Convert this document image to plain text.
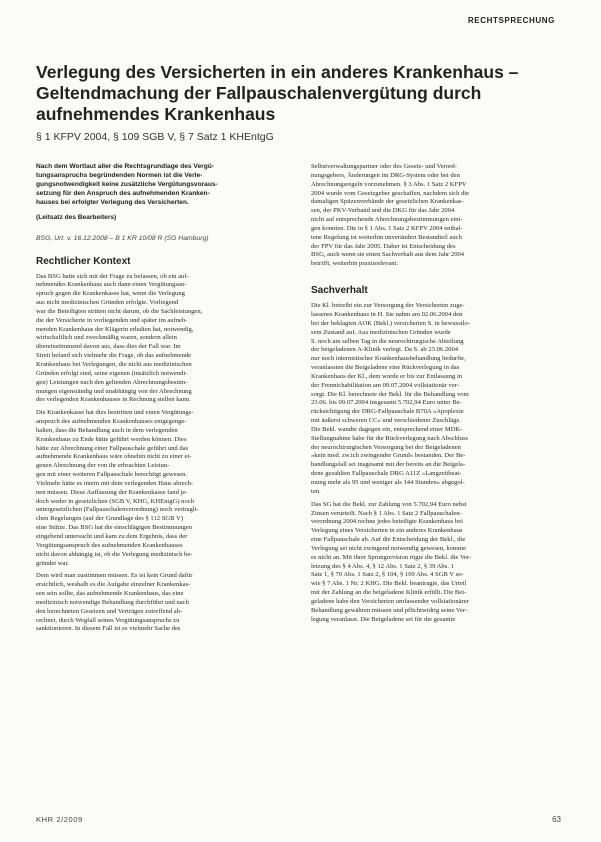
RECHTSPRECHUNG
Verlegung des Versicherten in ein anderes Krankenhaus –
Geltendmachung der Fallpauschalenvergütung durch
aufnehmendes Krankenhaus
§ 1 KFPV 2004, § 109 SGB V, § 7 Satz 1 KHEntgG
Nach dem Wortlaut aller die Rechtsgrundlage des Vergü-
tungsanspruchs begründenden Normen ist die Verle-
gungsnotwendigkeit keine zusätzliche Vergütungsvoraus-
setzung für den Anspruch des aufnehmenden Kranken-
hauses bei erfolgter Verlegung des Versicherten.
(Leitsatz des Bearbeiters)
BSG, Urt. v. 16.12.2008 – B 1 KR 10/08 R (SG Hamburg)
Rechtlicher Kontext
Das BSG hatte sich mit der Frage zu befassen, ob ein auf-
nehmendes Krankenhaus auch dann einen Vergütungsan-
spruch gegen die Krankenkasse hat, wenn die Verlegung
aus nicht medizinischen Gründen erfolgte. Vorliegend
war die Beteiligten stritten nicht darum, ob die Sachleistungen,
die der Versicherte in vorliegenden und später im aufneh-
menden Krankenhaus der Klägerin erhalten hat, notwendig,
wirtschaftlich und zweckmäßig waren, sondern allein
übereinstimmend davon aus, dass dies der Fall war. Im
Streit befand sich vielmehr die Frage, ob das aufnehmende
Krankenhaus bei Verlegungen, die nicht aus medizinischen
Gründen erfolgt sind, seine eigenen (insätzlich notwendi-
gen) Leistungen nach den geltenden Abrechnungsbestim-
mungen eigenständig und unabhängig von der Abrechnung
des verlegenden Krankenhauses in Rechnung stellen kann.
Die Krankenkasse hat dies bestritten und einen Vergütungs-
anspruch des aufnehmenden Krankenhauses entgegenge-
halten, dass die Behandlung auch in dem verlegenden
Krankenhaus zu Ende hätte geführt werden können. Dies
hätte zur Abrechnung einer Fallpauschale geführt und das
aufnehmende Krankenhaus wäre ohnehin nicht zu einer ei-
genen Abrechnung der von ihr erbrachten Leistun-
gen mit einer weiteren Fallpauschale berechtigt gewesen.
Vielmehr hätte es intern mit dem verlegenden Haus abrech-
nen müssen. Diese Auffassung der Krankenkasse fand je-
doch weder in gesetzlichen (SGB V, KHG, KHEntgG) noch
untergesetzlichen (Fallpauschalenverordnung) noch vertragli-
chen Regelungen (auf der Grundlage des § 112 SGB V)
eine Stütze. Das BSG hat die einschlägigen Bestimmungen
eingehend untersucht und kam zu dem Ergebnis, dass der
Vergütungsanspruch des aufnehmenden Krankenhauses
nicht davon abhängig ist, ob die Verlegung medizinisch be-
gründet war.
Dem wird man zustimmen müssen. Es ist kein Grund dafür
ersichtlich, weshalb es die Aufgabe einzelner Krankenkas-
sen sein sollte, das aufnehmende Krankenhaus, das eine
medizinisch notwendige Behandlung durchführt und nach
den berechneten Gesetzen und Verträgen zutreffend ab-
rechnet, durch Wegfall seines Vergütungsanspruchs zu
sanktionieren. In diesem Fall ist es vielmehr Sache des
Selbstverwaltungspartner oder des Gesetz- und Verord-
nungsgebers, Änderungen im DRG-System oder bei den
Abrechnungsregeln vorzunehmen. § 3 Abs. 1 Satz 2 KFPV
2004 wurde vom Gesetzgeber geschaffen, nachdem sich die
damaligen Spitzenverbände der gesetzlichen Krankenkas-
sen, der PKV-Verband und die DKG für das Jahr 2004
nicht auf entsprechende Abrechnungsbestimmungen eini-
gen konnten. Die in § 1 Abs. 1 Satz 2 KFPV 2004 enthal-
tene Regelung ist weiterhin unverändert Bestandteil auch
der FPV für das Jahr 2005. Daher ist Entscheidung des
BSG, auch wenn sie einen Sachverhalt aus dem Jahr 2004
betrifft, weiterhin praxisrelevant.
Sachverhalt
Die Kl. betreibt ein zur Versorgung der Versicherten zuge-
lassenes Krankenhaus in H. Sie nahm am 02.06.2004 den
bei der beklagten AOK (Bekl.) versicherten S. in bewusstlo-
sem Zustand auf. Aus medizinischen Gründen wurde
S. noch am selben Tag in die neurochirurgische Abteilung
der beigeladenen A-Klinik verlegt. Da S. ab 23.06.2004
nur noch internistischer Krankenhausbehandlung bedurfte,
veranlassten die Beigeladene eine Rückverlegung in das
Krankenhaus der Kl., dem wurde er bis zur Entlassung in
der Frennichabilitation am 09.07.2004 vollstationär ver-
sorgt. Die Kl. berechnete der Bekl. für die Behandlung vom
23.06. bis 09.07.2004 insgesamt 5.702,94 Euro unter Be-
rücksichtigung der DRG-Fallpauschale B70A »Apoplexie
mit äußerst schweren CC« und verschiedener Zuschläge.
Die Bekl. wandte dagegen ein, entsprechend einer MDK-
Stellungnahme habe für die Rückverlegung nach Abschluss
der neurochirurgischen Versorgung bei der Beigeladenen
»kein med. zw.ich zwingender Grund« bestanden. Der Be-
handlungsfall sei insgesamt mit der bereits an die Beigela-
dene gezahlten Fallpauschale DRG A11Z »Langzeitbeat-
mung mehr als 95 und weniger als 144 Stunden« abgegol-
ten.
Das SG hat die Bekl. zur Zahlung von 5.702,94 Euro nebst
Zinsen verurteilt. Nach § 1 Abs. 1 Satz 2 Fallpauschalen-
verordnung 2004 rechne jedes beteiligte Krankenhaus bei
Verlegung eines Versicherten in ein anderes Krankenhaus
eine Fallpauschale ab. Auf die Entscheidung der Bekl., die
Verlegung sei nicht zwingend notwendig gewesen, komme
es nicht an. Mit ihrer Sprungrevision rügte die Bekl. die Ver-
letzung des § 4 Abs. 4, § 12 Abs. 1 Satz 2, § 39 Abs. 1
Satz 1, § 70 Abs. 1 Satz 2, § 104, § 109 Abs. 4 SGB V so-
wie § 7 Abs. 1 Nr. 2 KHG. Die Bekl. beantragte, das Urteil
mit der Zahlung an die beigeladene Klinik erfüllt. Die Bei-
geladene habe den Versicherten umfassender vollstationärer
Behandlung gewähren müssen und pflichtwidrig seine Ver-
legung veranlasst. Die Beigeladene sei für die gesamte
KHR 2/2009	63
